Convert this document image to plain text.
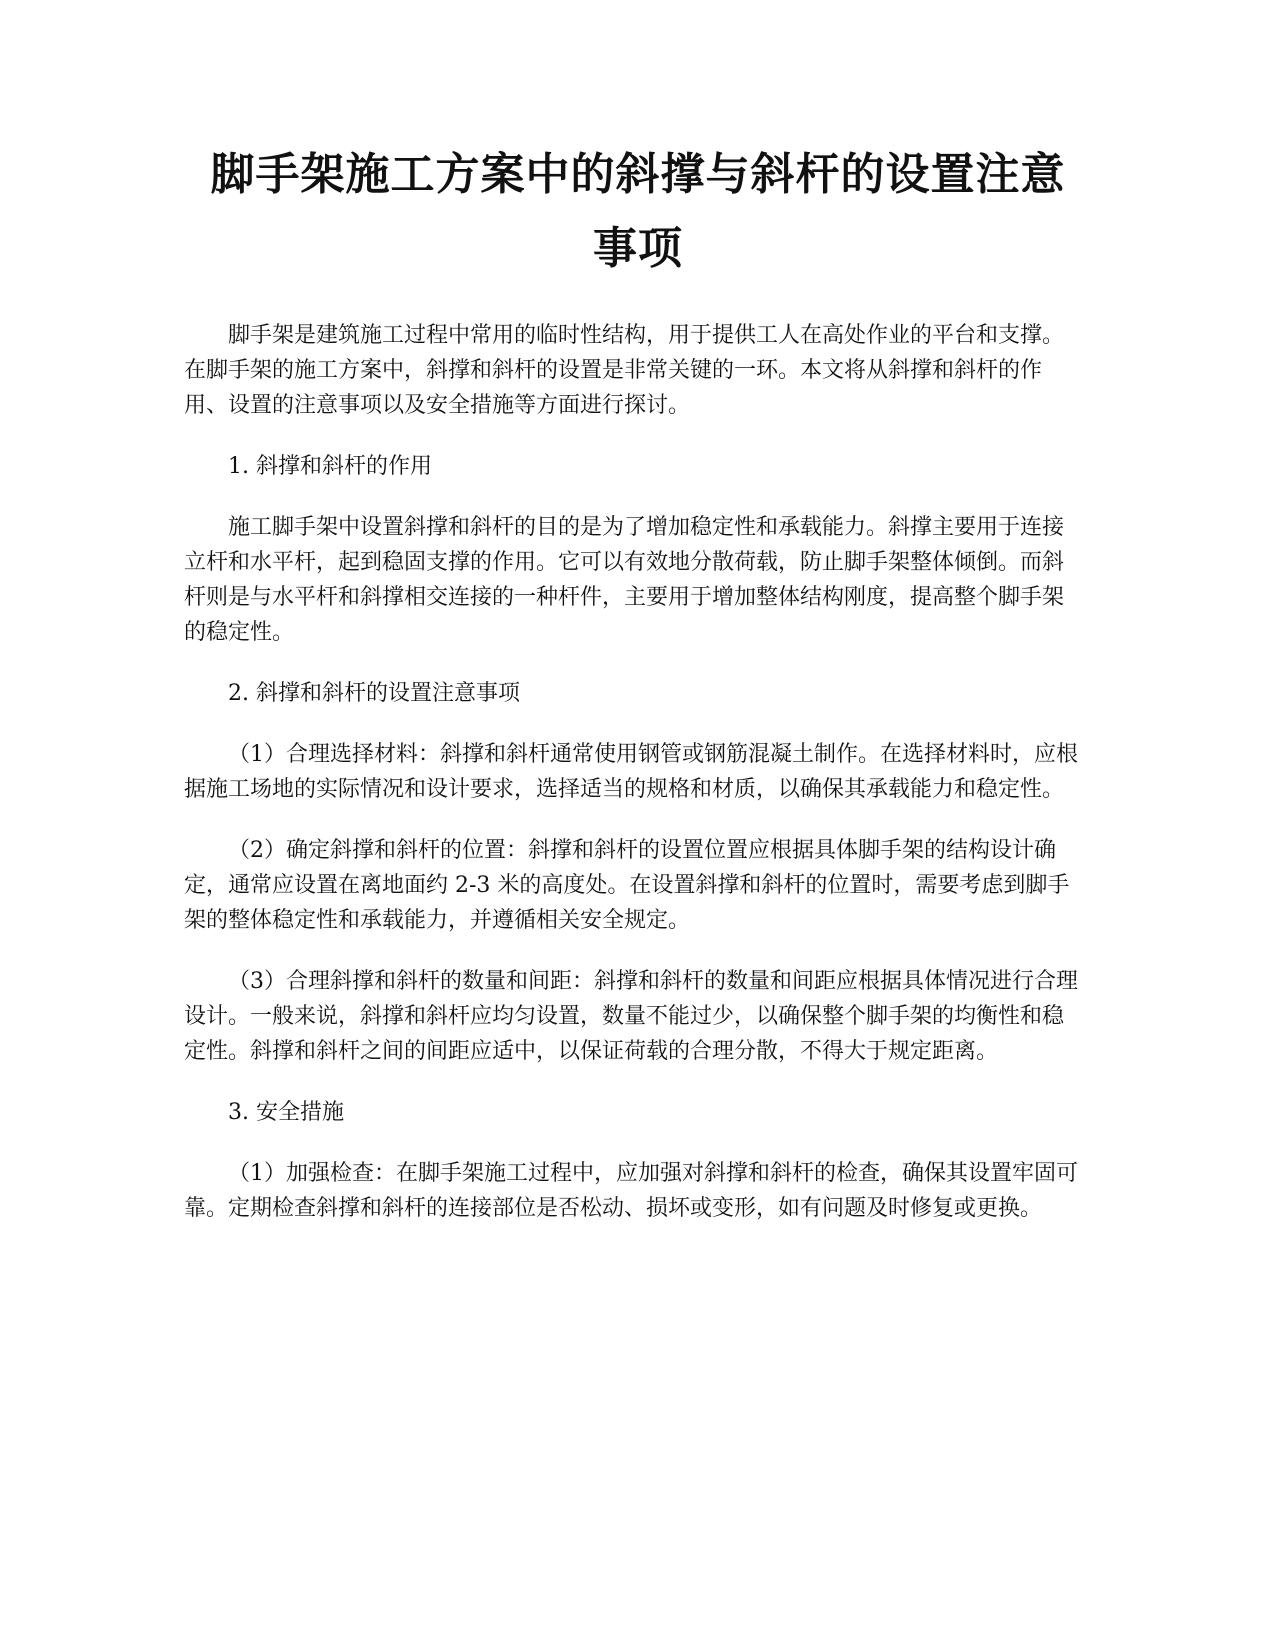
脚手架施工方案中的斜撑与斜杆的设置注意
事项

脚手架是建筑施工过程中常用的临时性结构，用于提供工人在高处作业的平台和支撑。在脚手架的施工方案中，斜撑和斜杆的设置是非常关键的一环。本文将从斜撑和斜杆的作用、设置的注意事项以及安全措施等方面进行探讨。

1. 斜撑和斜杆的作用

施工脚手架中设置斜撑和斜杆的目的是为了增加稳定性和承载能力。斜撑主要用于连接立杆和水平杆，起到稳固支撑的作用。它可以有效地分散荷载，防止脚手架整体倾倒。而斜杆则是与水平杆和斜撑相交连接的一种杆件，主要用于增加整体结构刚度，提高整个脚手架的稳定性。

2. 斜撑和斜杆的设置注意事项

（1）合理选择材料：斜撑和斜杆通常使用钢管或钢筋混凝土制作。在选择材料时，应根据施工场地的实际情况和设计要求，选择适当的规格和材质，以确保其承载能力和稳定性。

（2）确定斜撑和斜杆的位置：斜撑和斜杆的设置位置应根据具体脚手架的结构设计确定，通常应设置在离地面约 2-3 米的高度处。在设置斜撑和斜杆的位置时，需要考虑到脚手架的整体稳定性和承载能力，并遵循相关安全规定。

（3）合理斜撑和斜杆的数量和间距：斜撑和斜杆的数量和间距应根据具体情况进行合理设计。一般来说，斜撑和斜杆应均匀设置，数量不能过少，以确保整个脚手架的均衡性和稳定性。斜撑和斜杆之间的间距应适中，以保证荷载的合理分散，不得大于规定距离。

3. 安全措施

（1）加强检查：在脚手架施工过程中，应加强对斜撑和斜杆的检查，确保其设置牢固可靠。定期检查斜撑和斜杆的连接部位是否松动、损坏或变形，如有问题及时修复或更换。
